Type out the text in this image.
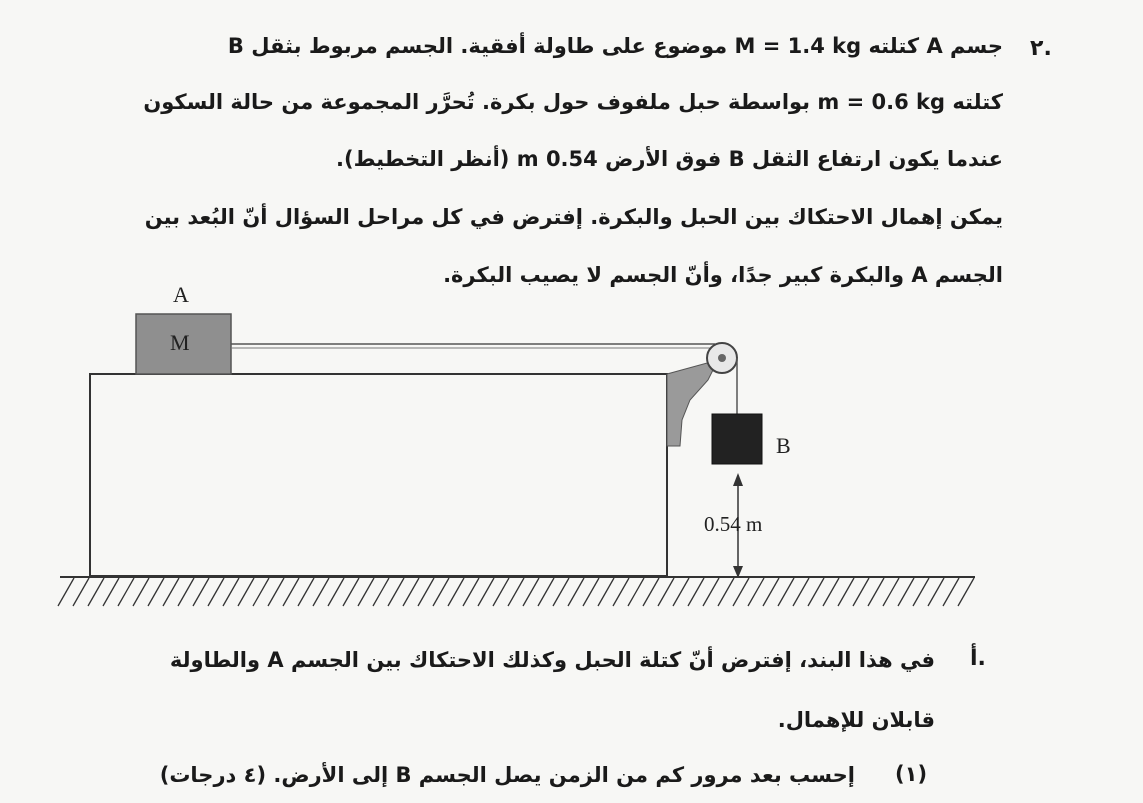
٢.
جسم A كتلته M = 1.4 kg موضوع على طاولة أفقية. الجسم مربوط بثقل B
كتلته m = 0.6 kg بواسطة حبل ملفوف حول بكرة. تُحرَّر المجموعة من حالة السكون
عندما يكون ارتفاع الثقل B فوق الأرض 0.54 m (أنظر التخطيط).
يمكن إهمال الاحتكاك بين الحبل والبكرة. إفترض في كل مراحل السؤال أنّ البُعد بين
الجسم A والبكرة كبير جدًا، وأنّ الجسم لا يصيب البكرة.
A
M
B
0.54 m
أ.
في هذا البند، إفترض أنّ كتلة الحبل وكذلك الاحتكاك بين الجسم A والطاولة
قابلان للإهمال.
(١)
إحسب بعد مرور كم من الزمن يصل الجسم B إلى الأرض. (٤ درجات)
